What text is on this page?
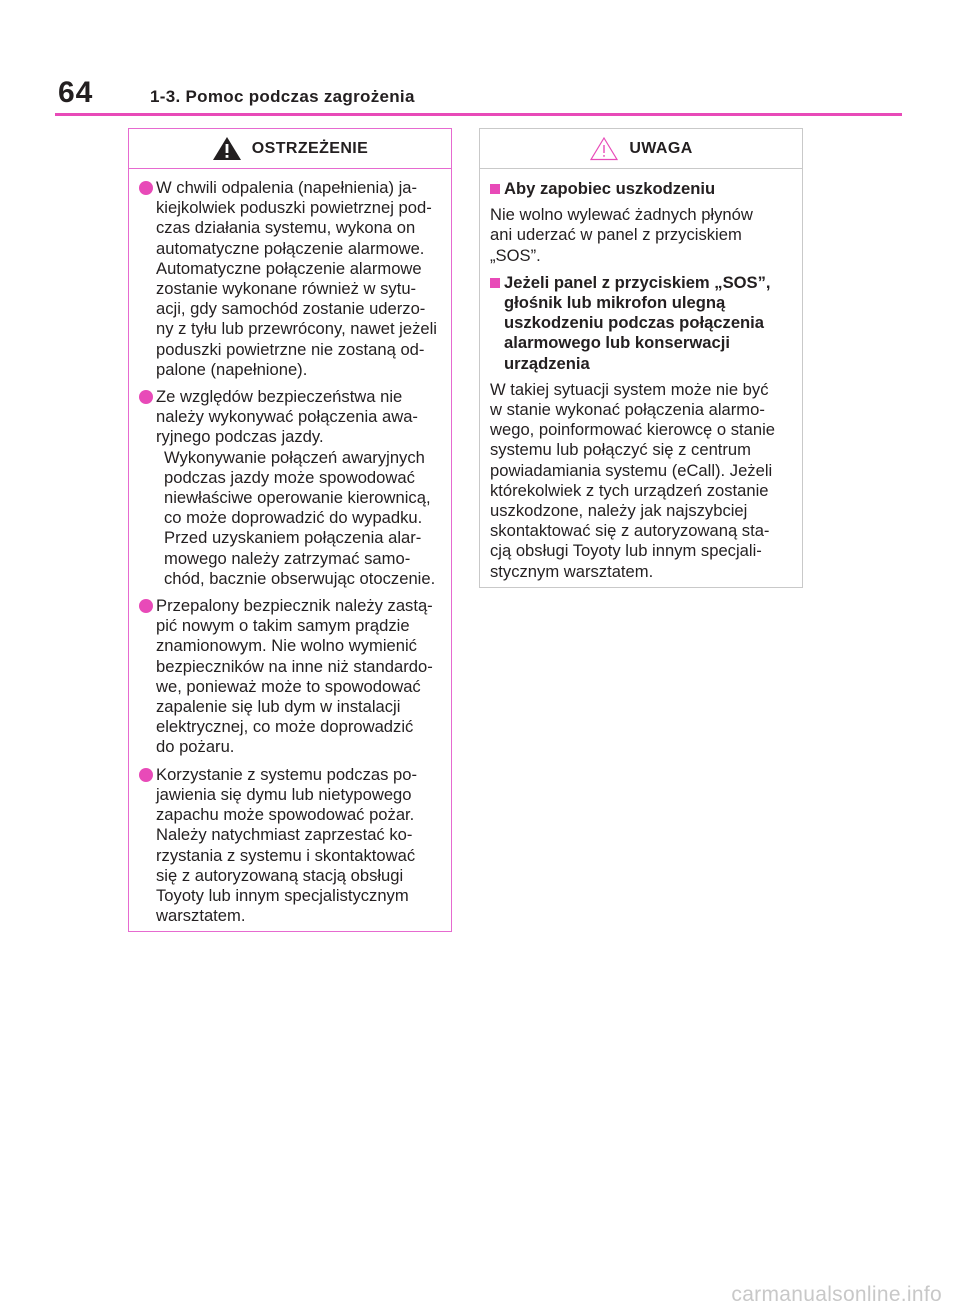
64	1-3. Pomoc podczas zagrożenia
OSTRZEŻENIE
W chwili odpalenia (napełnienia) ja-
kiejkolwiek poduszki powietrznej pod-
czas działania systemu, wykona on
automatyczne połączenie alarmowe.
Automatyczne połączenie alarmowe
zostanie wykonane również w sytu-
acji, gdy samochód zostanie uderzo-
ny z tyłu lub przewrócony, nawet jeżeli
poduszki powietrzne nie zostaną od-
palone (napełnione).
Ze względów bezpieczeństwa nie
należy wykonywać połączenia awa-
ryjnego podczas jazdy.
Wykonywanie połączeń awaryjnych
podczas jazdy może spowodować
niewłaściwe operowanie kierownicą,
co może doprowadzić do wypadku.
Przed uzyskaniem połączenia alar-
mowego należy zatrzymać samo-
chód, bacznie obserwując otoczenie.
Przepalony bezpiecznik należy zastą-
pić nowym o takim samym prądzie
znamionowym. Nie wolno wymienić
bezpieczników na inne niż standardo-
we, ponieważ może to spowodować
zapalenie się lub dym w instalacji
elektrycznej, co może doprowadzić
do pożaru.
Korzystanie z systemu podczas po-
jawienia się dymu lub nietypowego
zapachu może spowodować pożar.
Należy natychmiast zaprzestać ko-
rzystania z systemu i skontaktować
się z autoryzowaną stacją obsługi
Toyoty lub innym specjalistycznym
warsztatem.
UWAGA
Aby zapobiec uszkodzeniu
Nie wolno wylewać żadnych płynów
ani uderzać w panel z przyciskiem
„SOS”.
Jeżeli panel z przyciskiem „SOS”,
głośnik lub mikrofon ulegną
uszkodzeniu podczas połączenia
alarmowego lub konserwacji
urządzenia
W takiej sytuacji system może nie być
w stanie wykonać połączenia alarmo-
wego, poinformować kierowcę o stanie
systemu lub połączyć się z centrum
powiadamiania systemu (eCall). Jeżeli
którekolwiek z tych urządzeń zostanie
uszkodzone, należy jak najszybciej
skontaktować się z autoryzowaną sta-
cją obsługi Toyoty lub innym specjali-
stycznym warsztatem.
carmanualsonline.info
